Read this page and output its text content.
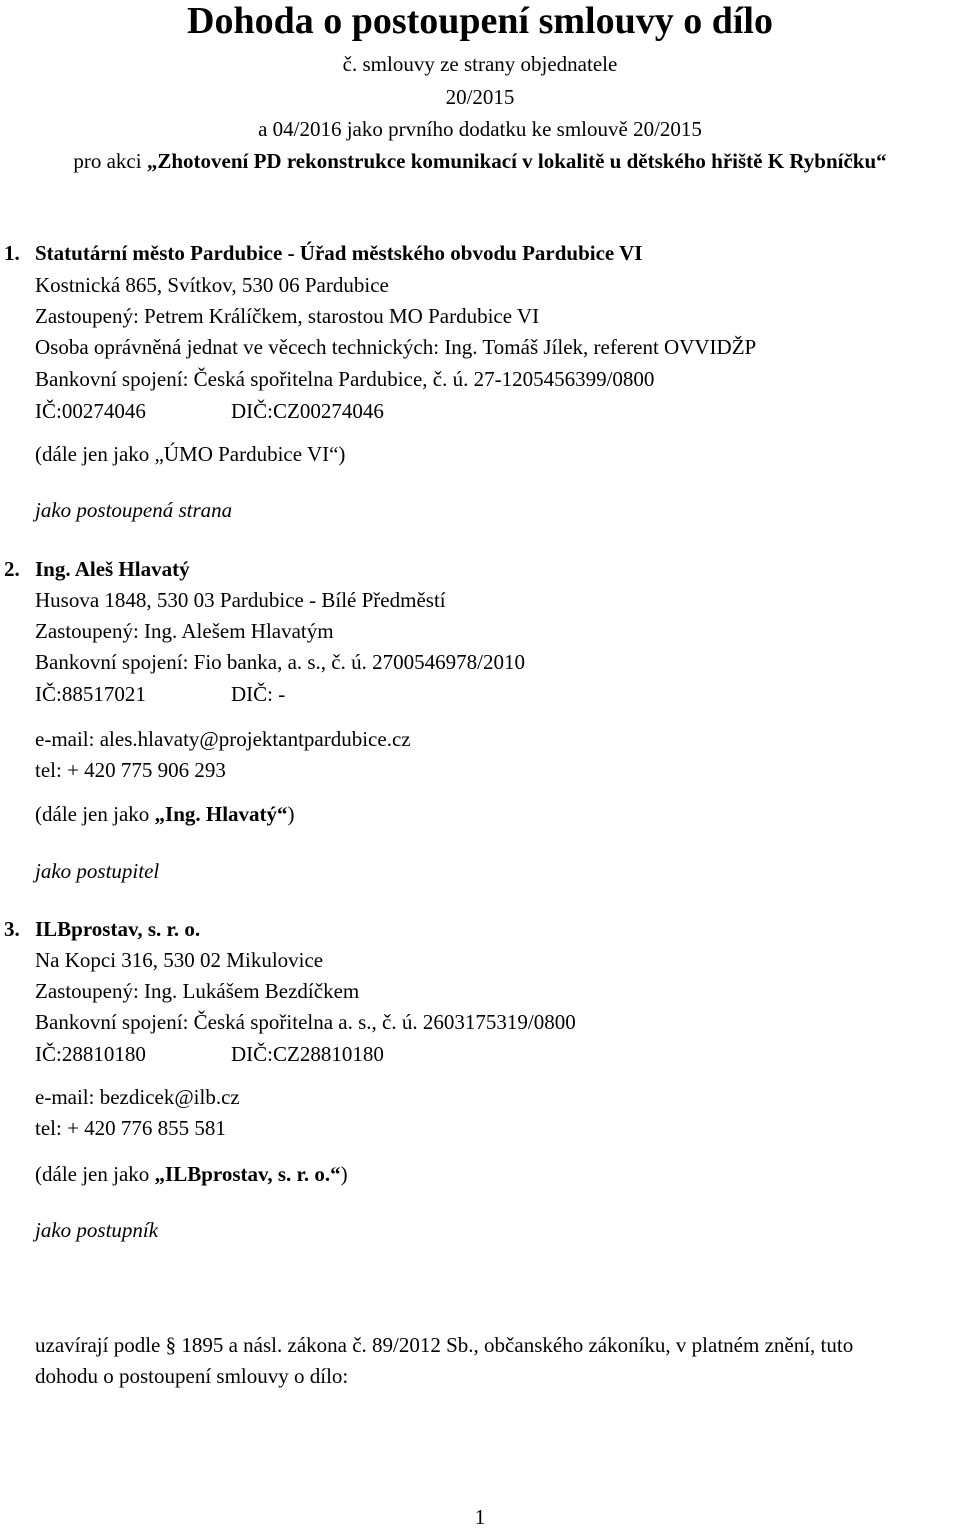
Dohoda o postoupení smlouvy o dílo
č. smlouvy ze strany objednatele
20/2015
a 04/2016 jako prvního dodatku ke smlouvě 20/2015
pro akci „Zhotovení PD rekonstrukce komunikací v lokalitě u dětského hřiště K Rybníčku“
1. Statutární město Pardubice - Úřad městského obvodu Pardubice VI
Kostnická 865, Svítkov, 530 06 Pardubice
Zastoupený: Petrem Králíčkem, starostou MO Pardubice VI
Osoba oprávněná jednat ve věcech technických: Ing. Tomáš Jílek, referent OVVIDŽP
Bankovní spojení: Česká spořitelna Pardubice, č. ú. 27-1205456399/0800
IČ:00274046	DIČ:CZ00274046
(dále jen jako „ÚMO Pardubice VI“)
jako postoupená strana
2. Ing. Aleš Hlavatý
Husova 1848, 530 03 Pardubice - Bílé Předměstí
Zastoupený: Ing. Alešem Hlavatým
Bankovní spojení: Fio banka, a. s., č. ú. 2700546978/2010
IČ:88517021	DIČ: -
e-mail: ales.hlavaty@projektantpardubice.cz
tel: + 420 775 906 293
(dále jen jako „Ing. Hlavatý“)
jako postupitel
3. ILBprostav, s. r. o.
Na Kopci 316, 530 02 Mikulovice
Zastoupený: Ing. Lukášem Bezdíčkem
Bankovní spojení: Česká spořitelna a. s., č. ú. 2603175319/0800
IČ:28810180	DIČ:CZ28810180
e-mail: bezdicek@ilb.cz
tel: + 420 776 855 581
(dále jen jako „ILBprostav, s. r. o.“)
jako postupník
uzavírají podle § 1895 a násl. zákona č. 89/2012 Sb., občanského zákoníku, v platném znění, tuto
dohodu o postoupení smlouvy o dílo:
1
